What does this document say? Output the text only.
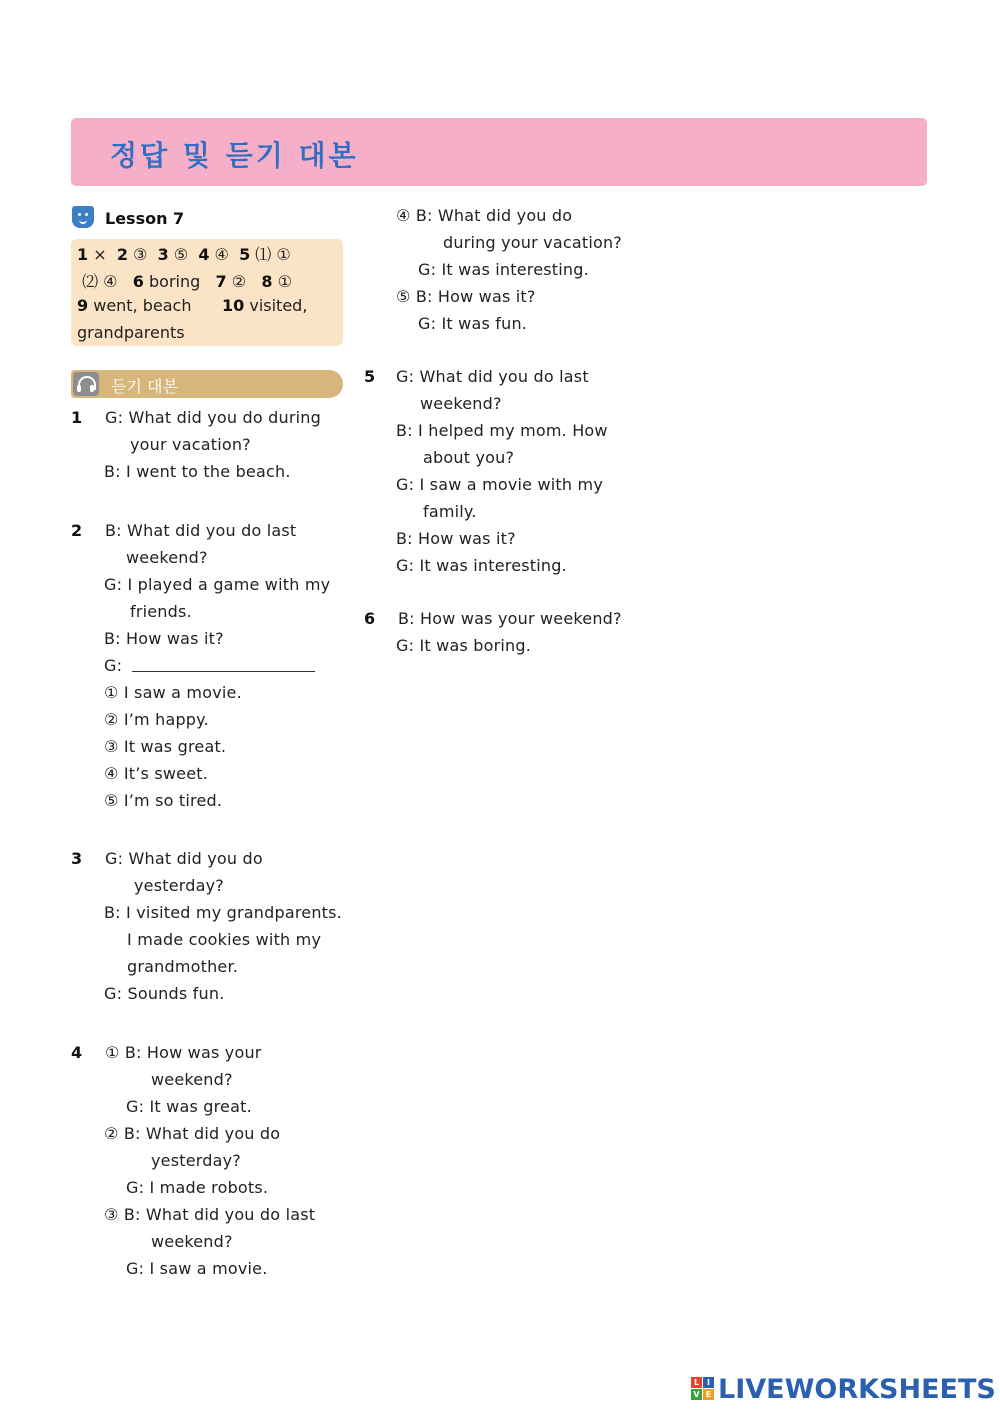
정답 및 듣기 대본
Lesson 7
1 ×  2 ③  3 ⑤  4 ④  5 ⑴ ①
⑵ ④   6 boring   7 ②   8 ①
9 went, beach      10 visited,
grandparents
듣기 대본
1 G: What did you do during
your vacation?
B: I went to the beach.
2 B: What did you do last
weekend?
G: I played a game with my
friends.
B: How was it?
G:
① I saw a movie.
② I’m happy.
③ It was great.
④ It’s sweet.
⑤ I’m so tired.
3 G: What did you do
yesterday?
B: I visited my grandparents.
I made cookies with my
grandmother.
G: Sounds fun.
4 ① B: How was your
weekend?
G: It was great.
② B: What did you do
yesterday?
G: I made robots.
③ B: What did you do last
weekend?
G: I saw a movie.
④ B: What did you do
during your vacation?
G: It was interesting.
⑤ B: How was it?
G: It was fun.
5 G: What did you do last
weekend?
B: I helped my mom. How
about you?
G: I saw a movie with my
family.
B: How was it?
G: It was interesting.
6 B: How was your weekend?
G: It was boring.
L I
V E LIVEWORKSHEETS
